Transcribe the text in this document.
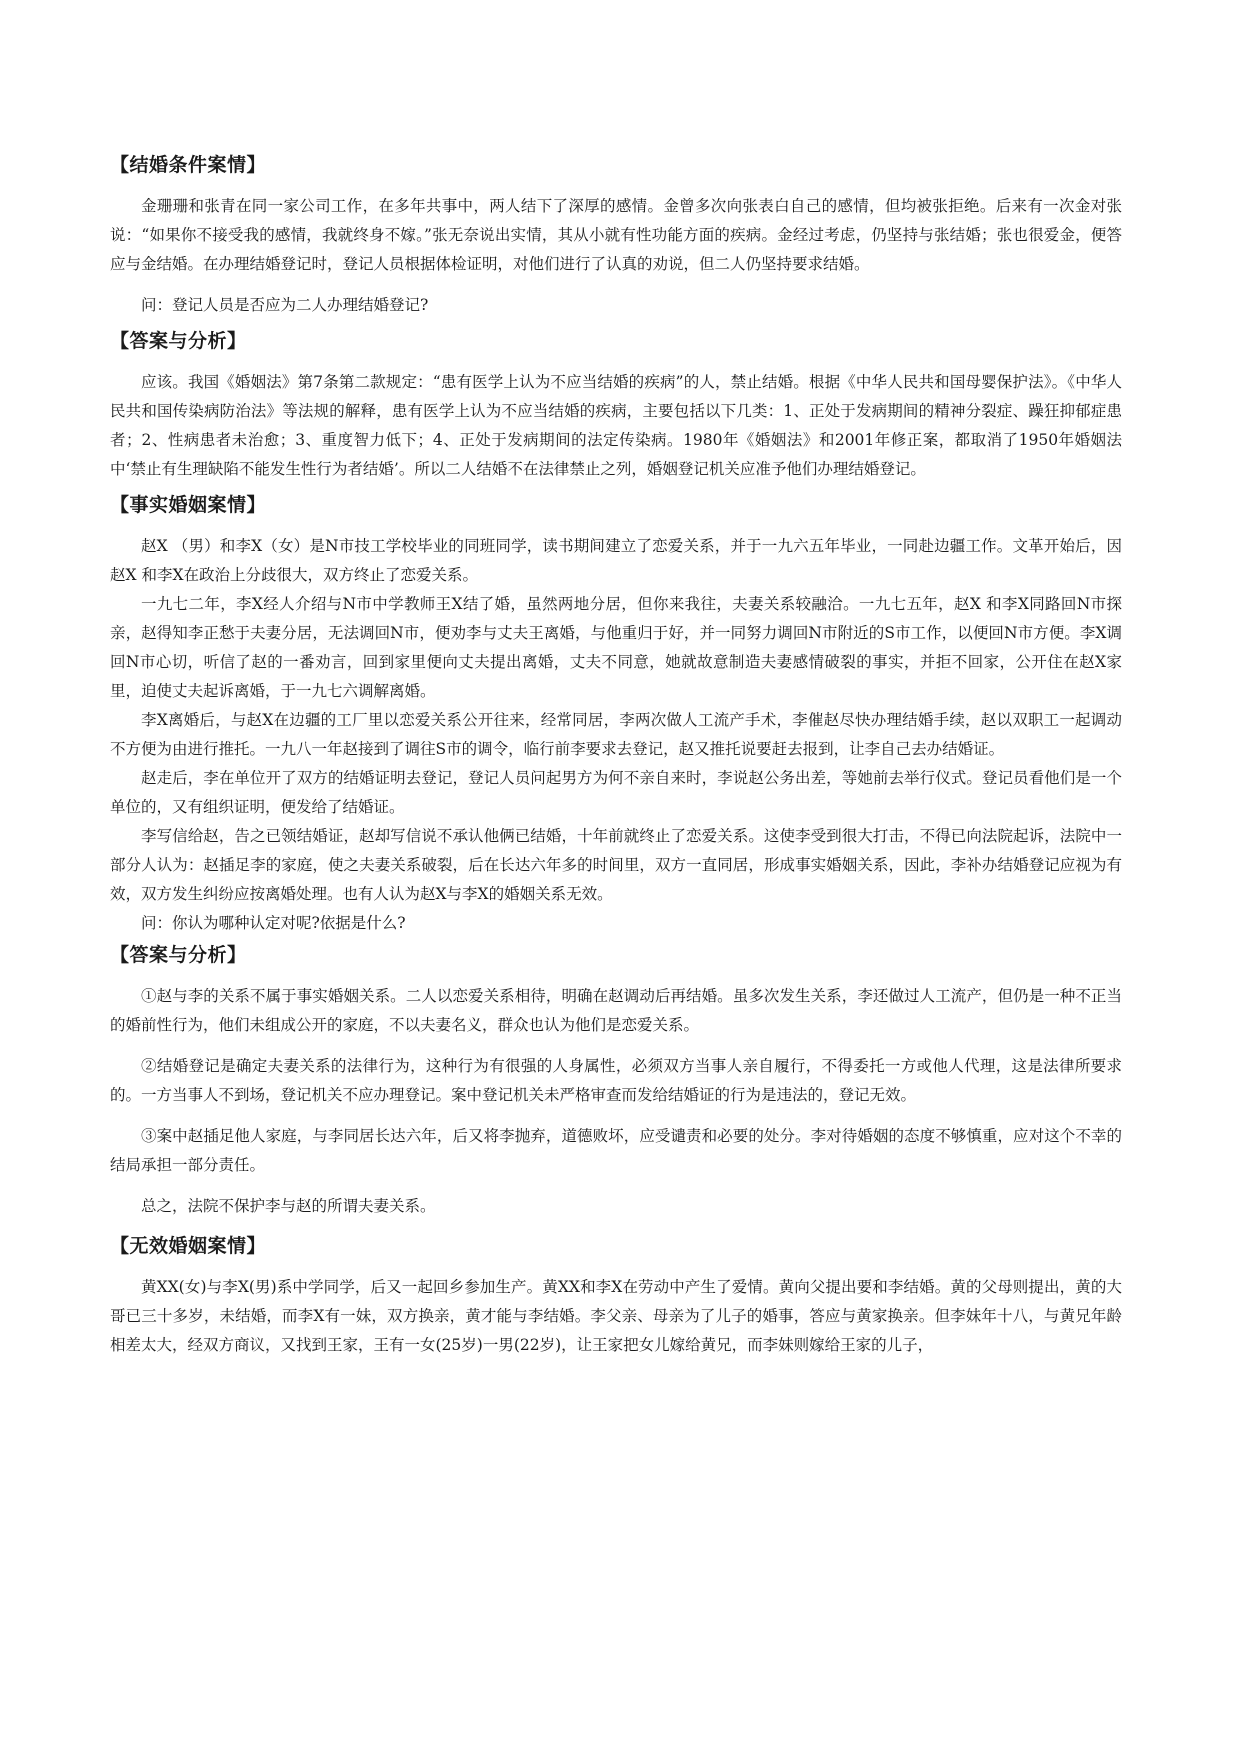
【结婚条件案情】

金珊珊和张青在同一家公司工作，在多年共事中，两人结下了深厚的感情。金曾多次向张表白自己的感情，但均被张拒绝。后来有一次金对张说：“如果你不接受我的感情，我就终身不嫁。”张无奈说出实情，其从小就有性功能方面的疾病。金经过考虑，仍坚持与张结婚；张也很爱金，便答应与金结婚。在办理结婚登记时，登记人员根据体检证明，对他们进行了认真的劝说，但二人仍坚持要求结婚。

问：登记人员是否应为二人办理结婚登记?

【答案与分析】

应该。我国《婚姻法》第7条第二款规定：“患有医学上认为不应当结婚的疾病”的人，禁止结婚。根据《中华人民共和国母婴保护法》。《中华人民共和国传染病防治法》等法规的解释，患有医学上认为不应当结婚的疾病，主要包括以下几类：1、正处于发病期间的精神分裂症、躁狂抑郁症患者；2、性病患者未治愈；3、重度智力低下；4、正处于发病期间的法定传染病。1980年《婚姻法》和2001年修正案，都取消了1950年婚姻法中‘禁止有生理缺陷不能发生性行为者结婚’。所以二人结婚不在法律禁止之列，婚姻登记机关应准予他们办理结婚登记。

【事实婚姻案情】

赵X （男）和李X（女）是N市技工学校毕业的同班同学，读书期间建立了恋爱关系，并于一九六五年毕业，一同赴边疆工作。文革开始后，因赵X 和李X在政治上分歧很大，双方终止了恋爱关系。

一九七二年，李X经人介绍与N市中学教师王X结了婚，虽然两地分居，但你来我往，夫妻关系较融洽。一九七五年，赵X 和李X同路回N市探亲，赵得知李正愁于夫妻分居，无法调回N市，便劝李与丈夫王离婚，与他重归于好，并一同努力调回N市附近的S市工作，以便回N市方便。李X调回N市心切，听信了赵的一番劝言，回到家里便向丈夫提出离婚，丈夫不同意，她就故意制造夫妻感情破裂的事实，并拒不回家，公开住在赵X家里，迫使丈夫起诉离婚，于一九七六调解离婚。

李X离婚后，与赵X在边疆的工厂里以恋爱关系公开往来，经常同居，李两次做人工流产手术，李催赵尽快办理结婚手续，赵以双职工一起调动不方便为由进行推托。一九八一年赵接到了调往S市的调令，临行前李要求去登记，赵又推托说要赶去报到，让李自己去办结婚证。

赵走后，李在单位开了双方的结婚证明去登记，登记人员问起男方为何不亲自来时，李说赵公务出差，等她前去举行仪式。登记员看他们是一个单位的，又有组织证明，便发给了结婚证。

李写信给赵，告之已领结婚证，赵却写信说不承认他俩已结婚，十年前就终止了恋爱关系。这使李受到很大打击，不得已向法院起诉，法院中一部分人认为：赵插足李的家庭，使之夫妻关系破裂，后在长达六年多的时间里，双方一直同居，形成事实婚姻关系，因此，李补办结婚登记应视为有效，双方发生纠纷应按离婚处理。也有人认为赵X与李X的婚姻关系无效。

问：你认为哪种认定对呢?依据是什么?

【答案与分析】

①赵与李的关系不属于事实婚姻关系。二人以恋爱关系相待，明确在赵调动后再结婚。虽多次发生关系，李还做过人工流产，但仍是一种不正当的婚前性行为，他们未组成公开的家庭，不以夫妻名义，群众也认为他们是恋爱关系。

②结婚登记是确定夫妻关系的法律行为，这种行为有很强的人身属性，必须双方当事人亲自履行，不得委托一方或他人代理，这是法律所要求的。一方当事人不到场，登记机关不应办理登记。案中登记机关未严格审查而发给结婚证的行为是违法的，登记无效。

③案中赵插足他人家庭，与李同居长达六年，后又将李抛弃，道德败坏，应受谴责和必要的处分。李对待婚姻的态度不够慎重，应对这个不幸的结局承担一部分责任。

总之，法院不保护李与赵的所谓夫妻关系。

【无效婚姻案情】

黄XX(女)与李X(男)系中学同学，后又一起回乡参加生产。黄XX和李X在劳动中产生了爱情。黄向父提出要和李结婚。黄的父母则提出，黄的大哥已三十多岁，未结婚，而李X有一妹，双方换亲，黄才能与李结婚。李父亲、母亲为了儿子的婚事，答应与黄家换亲。但李妹年十八，与黄兄年龄相差太大，经双方商议，又找到王家，王有一女(25岁)一男(22岁)，让王家把女儿嫁给黄兄，而李妹则嫁给王家的儿子，
